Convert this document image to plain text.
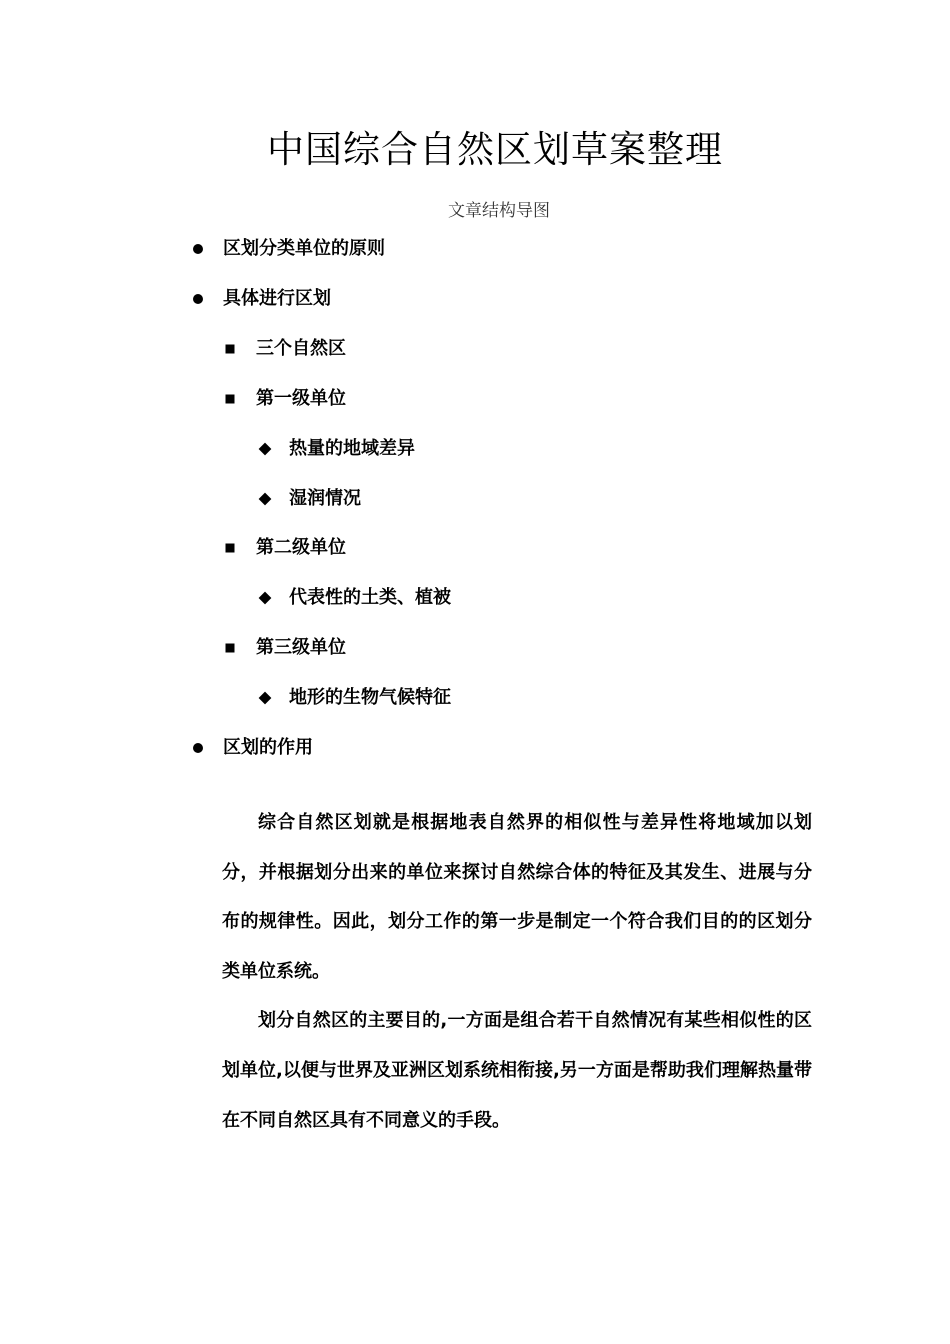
中国综合自然区划草案整理
文章结构导图
区划分类单位的原则
具体进行区划
三个自然区
第一级单位
热量的地域差异
湿润情况
第二级单位
代表性的土类、植被
第三级单位
地形的生物气候特征
区划的作用

综合自然区划就是根据地表自然界的相似性与差异性将地域加以划分，并根据划分出来的单位来探讨自然综合体的特征及其发生、进展与分布的规律性。因此，划分工作的第一步是制定一个符合我们目的的区划分类单位系统。

划分自然区的主要目的,一方面是组合若干自然情况有某些相似性的区划单位,以便与世界及亚洲区划系统相衔接,另一方面是帮助我们理解热量带在不同自然区具有不同意义的手段。
